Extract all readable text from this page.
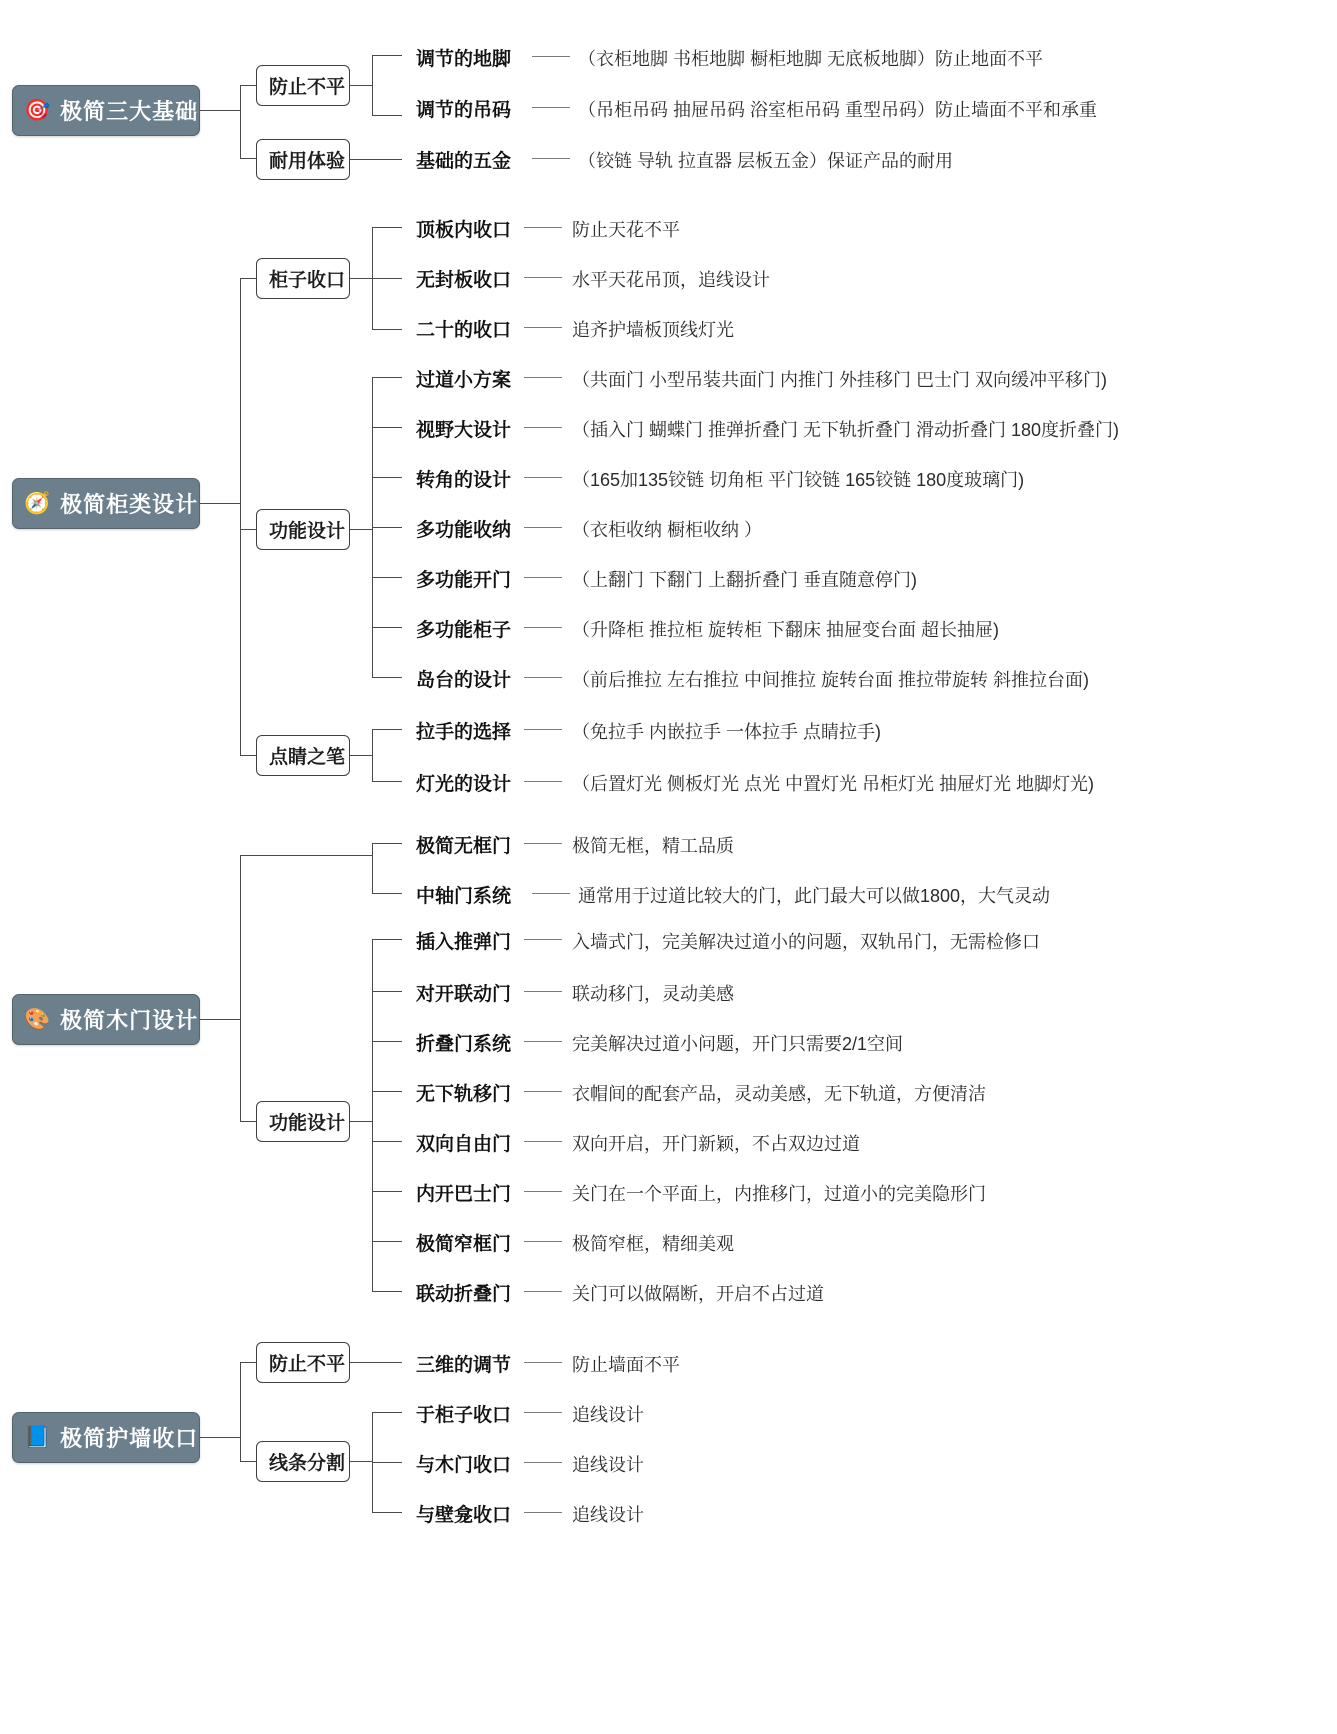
🎯 极简三大基础
防止不平
耐用体验
调节的地脚	（衣柜地脚 书柜地脚 橱柜地脚 无底板地脚）防止地面不平
调节的吊码	（吊柜吊码 抽屉吊码 浴室柜吊码 重型吊码）防止墙面不平和承重
基础的五金	（铰链 导轨 拉直器 层板五金）保证产品的耐用
🧭 极简柜类设计
柜子收口
功能设计
点睛之笔
顶板内收口	防止天花不平
无封板收口	水平天花吊顶，追线设计
二十的收口	追齐护墙板顶线灯光
过道小方案	（共面门 小型吊装共面门 内推门 外挂移门 巴士门 双向缓冲平移门)
视野大设计	（插入门 蝴蝶门 推弹折叠门 无下轨折叠门 滑动折叠门 180度折叠门)
转角的设计	（165加135铰链 切角柜 平门铰链 165铰链 180度玻璃门)
多功能收纳	（衣柜收纳 橱柜收纳 ）
多功能开门	（上翻门 下翻门 上翻折叠门 垂直随意停门)
多功能柜子	（升降柜 推拉柜 旋转柜 下翻床 抽屉变台面 超长抽屉)
岛台的设计	（前后推拉 左右推拉 中间推拉 旋转台面 推拉带旋转 斜推拉台面)
拉手的选择	（免拉手 内嵌拉手 一体拉手 点睛拉手)
灯光的设计	（后置灯光 侧板灯光 点光 中置灯光 吊柜灯光 抽屉灯光 地脚灯光)
🎨 极简木门设计
功能设计
极简无框门	极简无框，精工品质
中轴门系统	通常用于过道比较大的门，此门最大可以做1800，大气灵动
插入推弹门	入墙式门，完美解决过道小的问题，双轨吊门，无需检修口
对开联动门	联动移门，灵动美感
折叠门系统	完美解决过道小问题，开门只需要2/1空间
无下轨移门	衣帽间的配套产品，灵动美感，无下轨道，方便清洁
双向自由门	双向开启，开门新颖，不占双边过道
内开巴士门	关门在一个平面上，内推移门，过道小的完美隐形门
极简窄框门	极简窄框，精细美观
联动折叠门	关门可以做隔断，开启不占过道
📘 极简护墙收口
防止不平
线条分割
三维的调节	防止墙面不平
于柜子收口	追线设计
与木门收口	追线设计
与壁龛收口	追线设计
